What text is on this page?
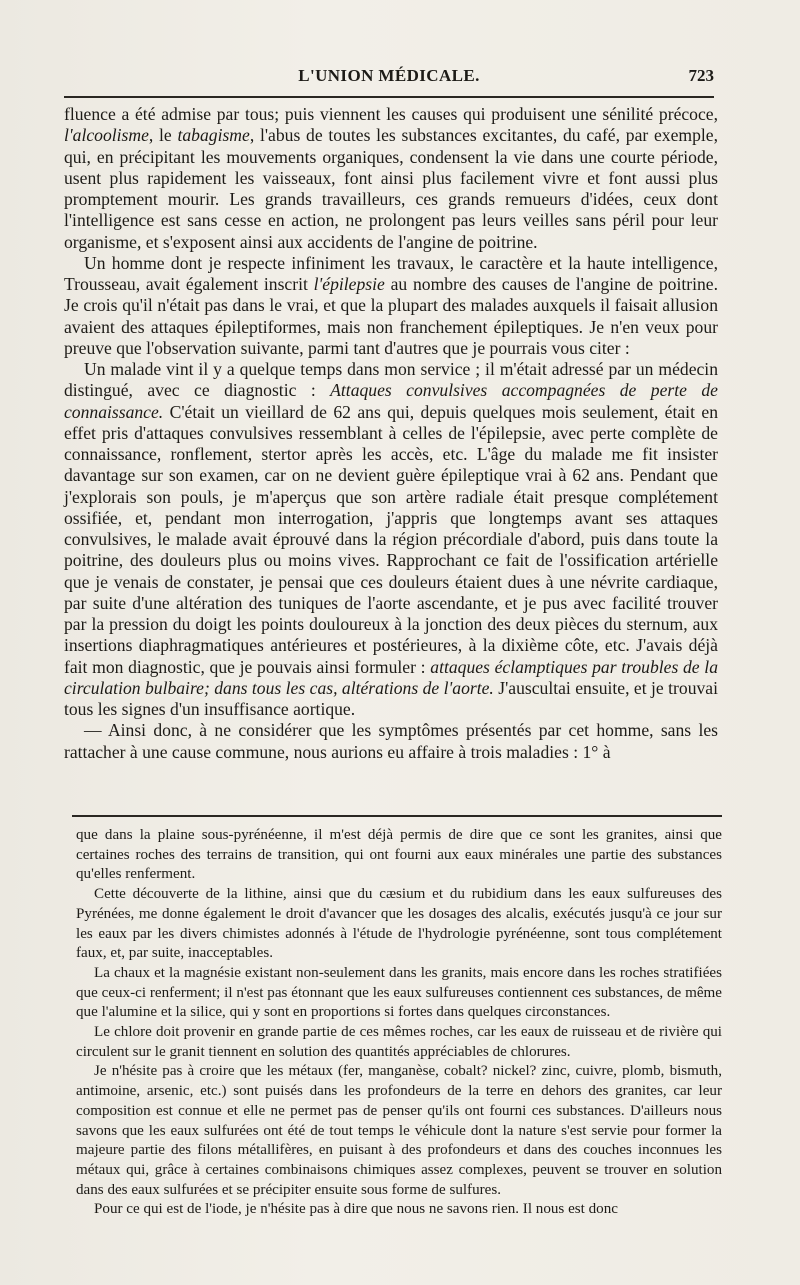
L'UNION MÉDICALE.	723

fluence a été admise par tous; puis viennent les causes qui produisent une sénilité précoce, l'alcoolisme, le tabagisme, l'abus de toutes les substances excitantes, du café, par exemple, qui, en précipitant les mouvements organiques, condensent la vie dans une courte période, usent plus rapidement les vaisseaux, font ainsi plus facilement vivre et font aussi plus promptement mourir. Les grands travailleurs, ces grands remueurs d'idées, ceux dont l'intelligence est sans cesse en action, ne prolongent pas leurs veilles sans péril pour leur organisme, et s'exposent ainsi aux accidents de l'angine de poitrine.

Un homme dont je respecte infiniment les travaux, le caractère et la haute intelligence, Trousseau, avait également inscrit l'épilepsie au nombre des causes de l'angine de poitrine. Je crois qu'il n'était pas dans le vrai, et que la plupart des malades auxquels il faisait allusion avaient des attaques épileptiformes, mais non franchement épileptiques. Je n'en veux pour preuve que l'observation suivante, parmi tant d'autres que je pourrais vous citer :

Un malade vint il y a quelque temps dans mon service ; il m'était adressé par un médecin distingué, avec ce diagnostic : Attaques convulsives accompagnées de perte de connaissance. C'était un vieillard de 62 ans qui, depuis quelques mois seulement, était en effet pris d'attaques convulsives ressemblant à celles de l'épilepsie, avec perte complète de connaissance, ronflement, stertor après les accès, etc. L'âge du malade me fit insister davantage sur son examen, car on ne devient guère épileptique vrai à 62 ans. Pendant que j'explorais son pouls, je m'aperçus que son artère radiale était presque complétement ossifiée, et, pendant mon interrogation, j'appris que longtemps avant ses attaques convulsives, le malade avait éprouvé dans la région précordiale d'abord, puis dans toute la poitrine, des douleurs plus ou moins vives. Rapprochant ce fait de l'ossification artérielle que je venais de constater, je pensai que ces douleurs étaient dues à une névrite cardiaque, par suite d'une altération des tuniques de l'aorte ascendante, et je pus avec facilité trouver par la pression du doigt les points douloureux à la jonction des deux pièces du sternum, aux insertions diaphragmatiques antérieures et postérieures, à la dixième côte, etc. J'avais déjà fait mon diagnostic, que je pouvais ainsi formuler : attaques éclamptiques par troubles de la circulation bulbaire; dans tous les cas, altérations de l'aorte. J'auscultai ensuite, et je trouvai tous les signes d'un insuffisance aortique.

— Ainsi donc, à ne considérer que les symptômes présentés par cet homme, sans les rattacher à une cause commune, nous aurions eu affaire à trois maladies : 1° à

que dans la plaine sous-pyrénéenne, il m'est déjà permis de dire que ce sont les granites, ainsi que certaines roches des terrains de transition, qui ont fourni aux eaux minérales une partie des substances qu'elles renferment.

Cette découverte de la lithine, ainsi que du cæsium et du rubidium dans les eaux sulfureuses des Pyrénées, me donne également le droit d'avancer que les dosages des alcalis, exécutés jusqu'à ce jour sur les eaux par les divers chimistes adonnés à l'étude de l'hydrologie pyrénéenne, sont tous complétement faux, et, par suite, inacceptables.

La chaux et la magnésie existant non-seulement dans les granits, mais encore dans les roches stratifiées que ceux-ci renferment; il n'est pas étonnant que les eaux sulfureuses contiennent ces substances, de même que l'alumine et la silice, qui y sont en proportions si fortes dans quelques circonstances.

Le chlore doit provenir en grande partie de ces mêmes roches, car les eaux de ruisseau et de rivière qui circulent sur le granit tiennent en solution des quantités appréciables de chlorures.

Je n'hésite pas à croire que les métaux (fer, manganèse, cobalt? nickel? zinc, cuivre, plomb, bismuth, antimoine, arsenic, etc.) sont puisés dans les profondeurs de la terre en dehors des granites, car leur composition est connue et elle ne permet pas de penser qu'ils ont fourni ces substances. D'ailleurs nous savons que les eaux sulfurées ont été de tout temps le véhicule dont la nature s'est servie pour former la majeure partie des filons métallifères, en puisant à des profondeurs et dans des couches inconnues les métaux qui, grâce à certaines combinaisons chimiques assez complexes, peuvent se trouver en solution dans des eaux sulfurées et se précipiter ensuite sous forme de sulfures.

Pour ce qui est de l'iode, je n'hésite pas à dire que nous ne savons rien. Il nous est donc
